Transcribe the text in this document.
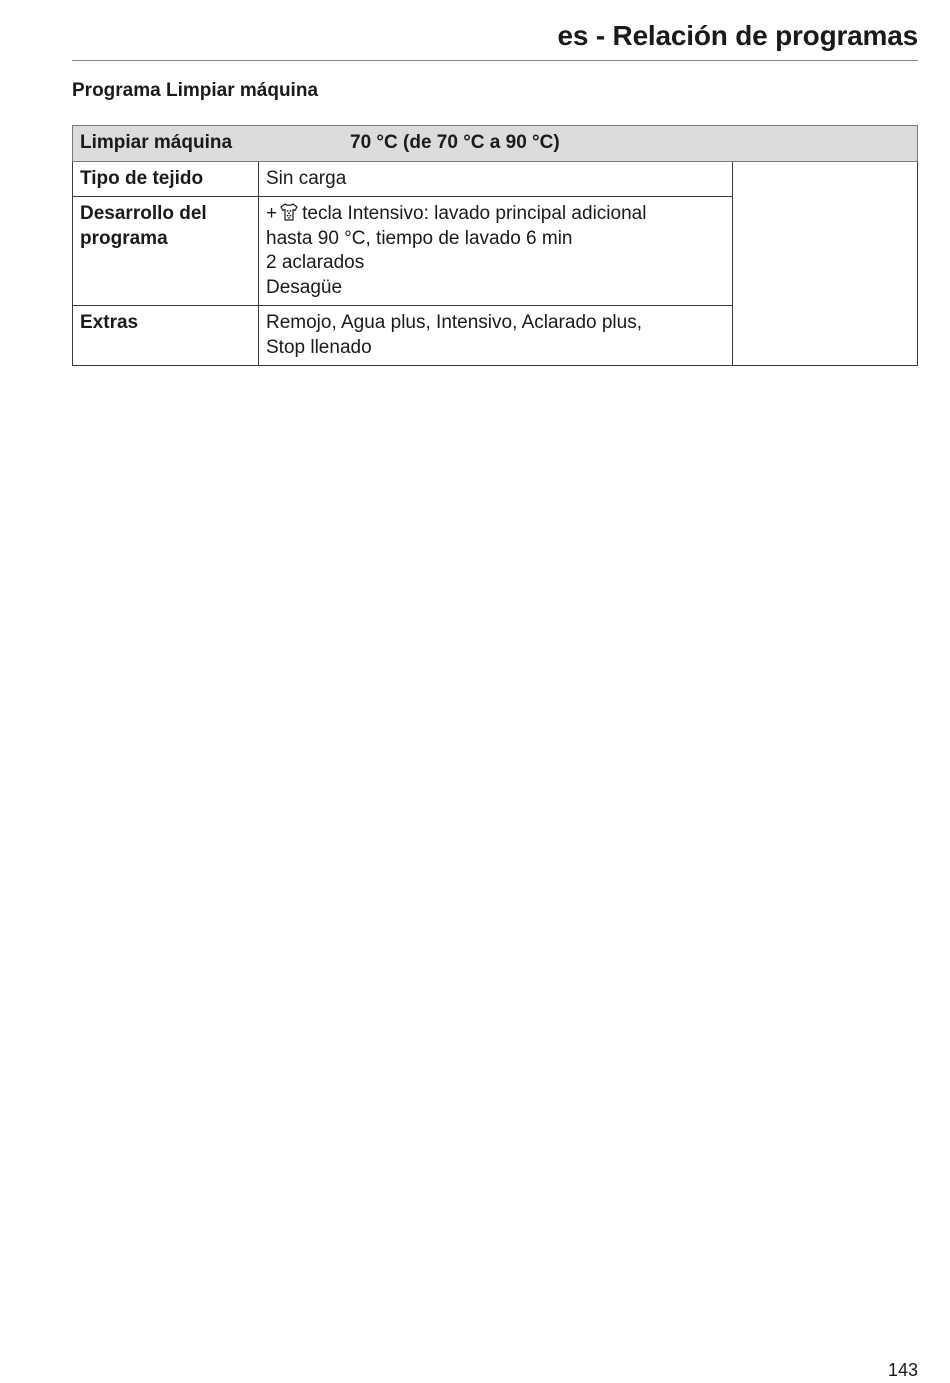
es - Relación de programas
Programa Limpiar máquina
Limpiar máquina 70 °C (de 70 °C a 90 °C)		
Tipo de tejido	Sin carga	

Desarrollo del programa	+ tecla Intensivo: lavado principal adicional
hasta 90 °C, tiempo de lavado 6 min
2 aclarados
Desagüe	

Extras	Remojo, Agua plus, Intensivo, Aclarado plus,
Stop llenado	
143
